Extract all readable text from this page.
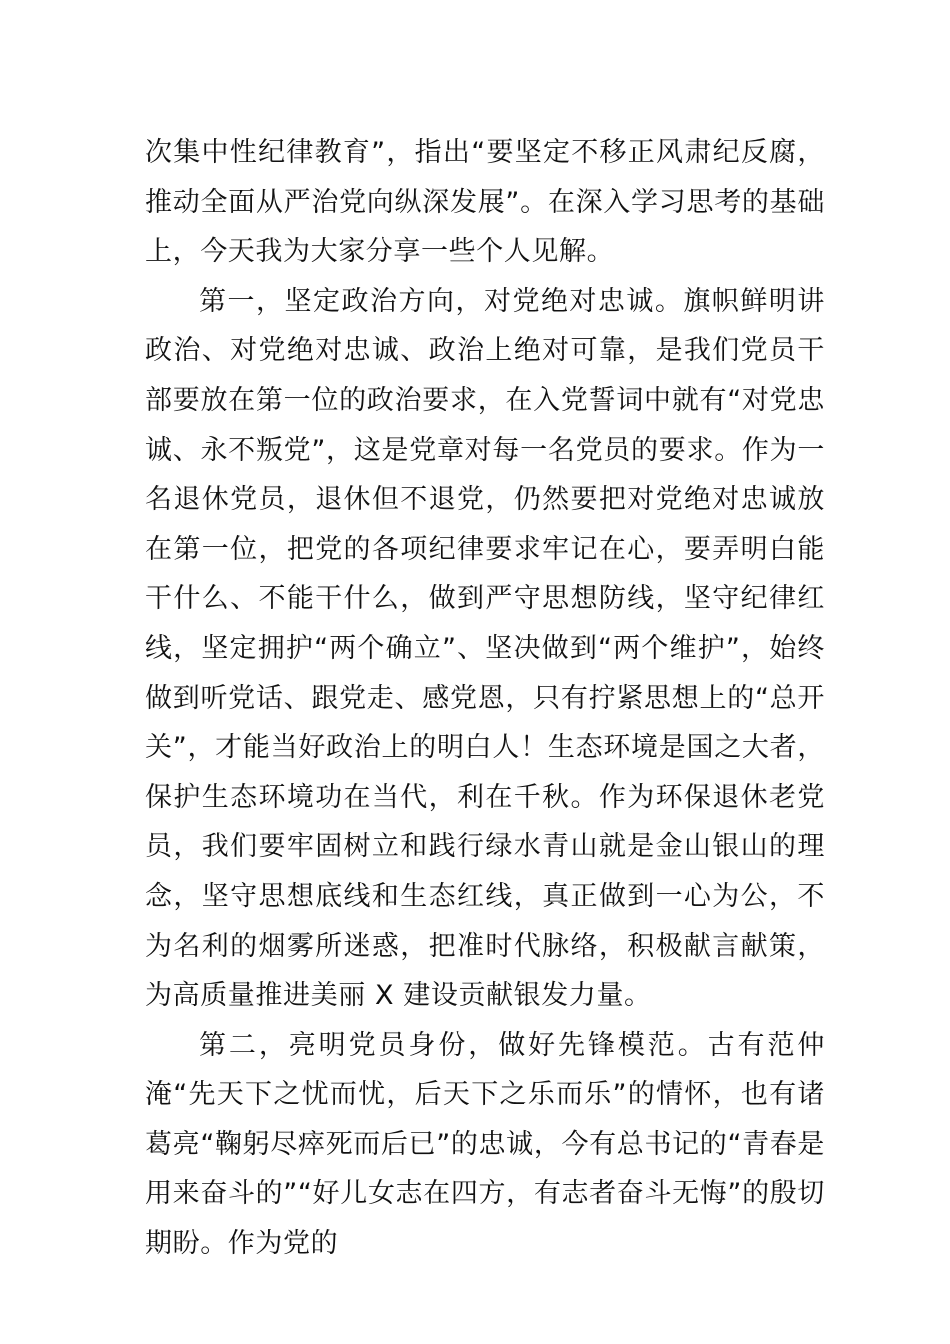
次集中性纪律教育”，指出“要坚定不移正风肃纪反腐，推动全面从严治党向纵深发展”。在深入学习思考的基础上，今天我为大家分享一些个人见解。

第一，坚定政治方向，对党绝对忠诚。旗帜鲜明讲政治、对党绝对忠诚、政治上绝对可靠，是我们党员干部要放在第一位的政治要求，在入党誓词中就有“对党忠诚、永不叛党”，这是党章对每一名党员的要求。作为一名退休党员，退休但不退党，仍然要把对党绝对忠诚放在第一位，把党的各项纪律要求牢记在心，要弄明白能干什么、不能干什么，做到严守思想防线，坚守纪律红线，坚定拥护“两个确立”、坚决做到“两个维护”，始终做到听党话、跟党走、感党恩，只有拧紧思想上的“总开关”，才能当好政治上的明白人！生态环境是国之大者，保护生态环境功在当代，利在千秋。作为环保退休老党员，我们要牢固树立和践行绿水青山就是金山银山的理念，坚守思想底线和生态红线，真正做到一心为公，不为名利的烟雾所迷惑，把准时代脉络，积极献言献策，为高质量推进美丽 X 建设贡献银发力量。

第二，亮明党员身份，做好先锋模范。古有范仲淹“先天下之忧而忧，后天下之乐而乐”的情怀，也有诸葛亮“鞠躬尽瘁死而后已”的忠诚，今有总书记的“青春是用来奋斗的”“好儿女志在四方，有志者奋斗无悔”的殷切期盼。作为党的
